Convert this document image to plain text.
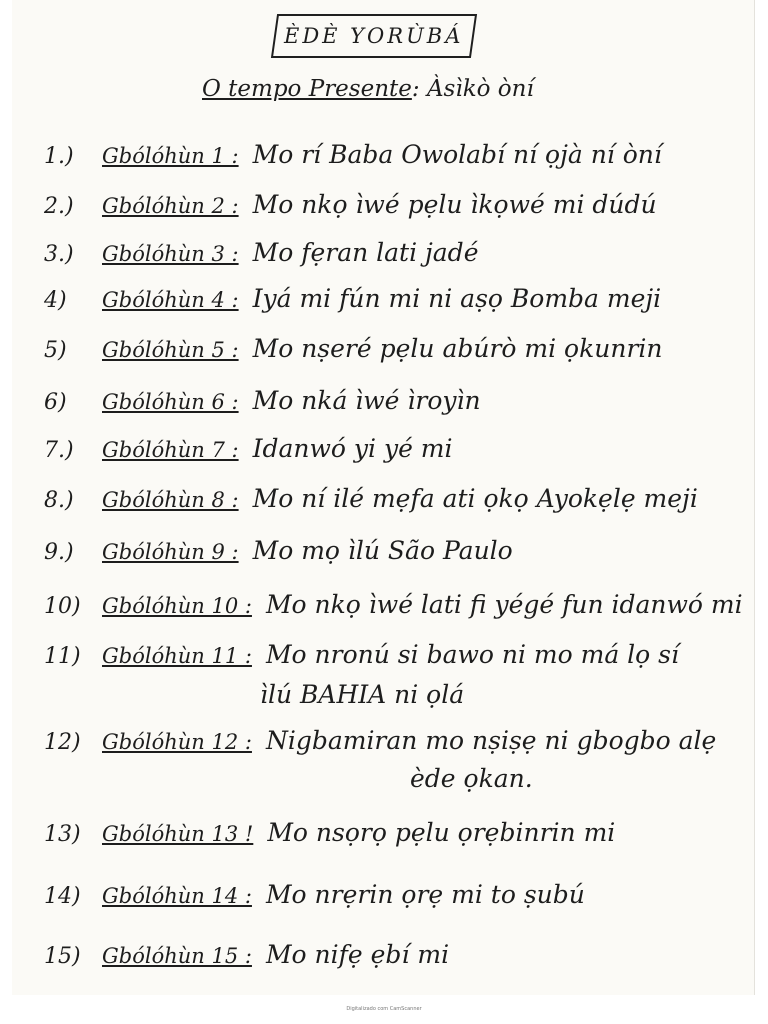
ÈDÈ YORÙBÁ
O tempo Presente: Àsìkò òní
1.)	Gbólóhùn 1 : Mo rí Baba Owolabí ní ọjà ní òní
2.)	Gbólóhùn 2 : Mo nkọ ìwé pẹlu ìkọwé mi dúdú
3.)	Gbólóhùn 3 : Mo fẹran lati jadé
4)	Gbólóhùn 4 : Iyá mi fún mi ni aṣọ Bomba meji
5)	Gbólóhùn 5 : Mo nṣeré pẹlu abúrò mi ọkunrin
6)	Gbólóhùn 6 : Mo nká ìwé ìroyìn
7.)	Gbólóhùn 7 : Idanwó yi yé mi
8.)	Gbólóhùn 8 : Mo ní ilé mẹfa ati ọkọ Ayokẹlẹ meji
9.)	Gbólóhùn 9 : Mo mọ ìlú São Paulo
10)	Gbólóhùn 10 : Mo nkọ ìwé lati fi yégé fun idanwó mi
11)	Gbólóhùn 11 : Mo nronú si bawo ni mo má lọ sí
ìlú BAHIA ni ọlá
12)	Gbólóhùn 12 : Nigbamiran mo nṣiṣẹ ni gbogbo alẹ
ède ọkan.
13)	Gbólóhùn 13 ! Mo nsọrọ pẹlu ọrẹbinrin mi
14)	Gbólóhùn 14 : Mo nrẹrin ọrẹ mi to ṣubú
15)	Gbólóhùn 15 : Mo nifẹ ẹbí mi
Digitalizado com CamScanner
